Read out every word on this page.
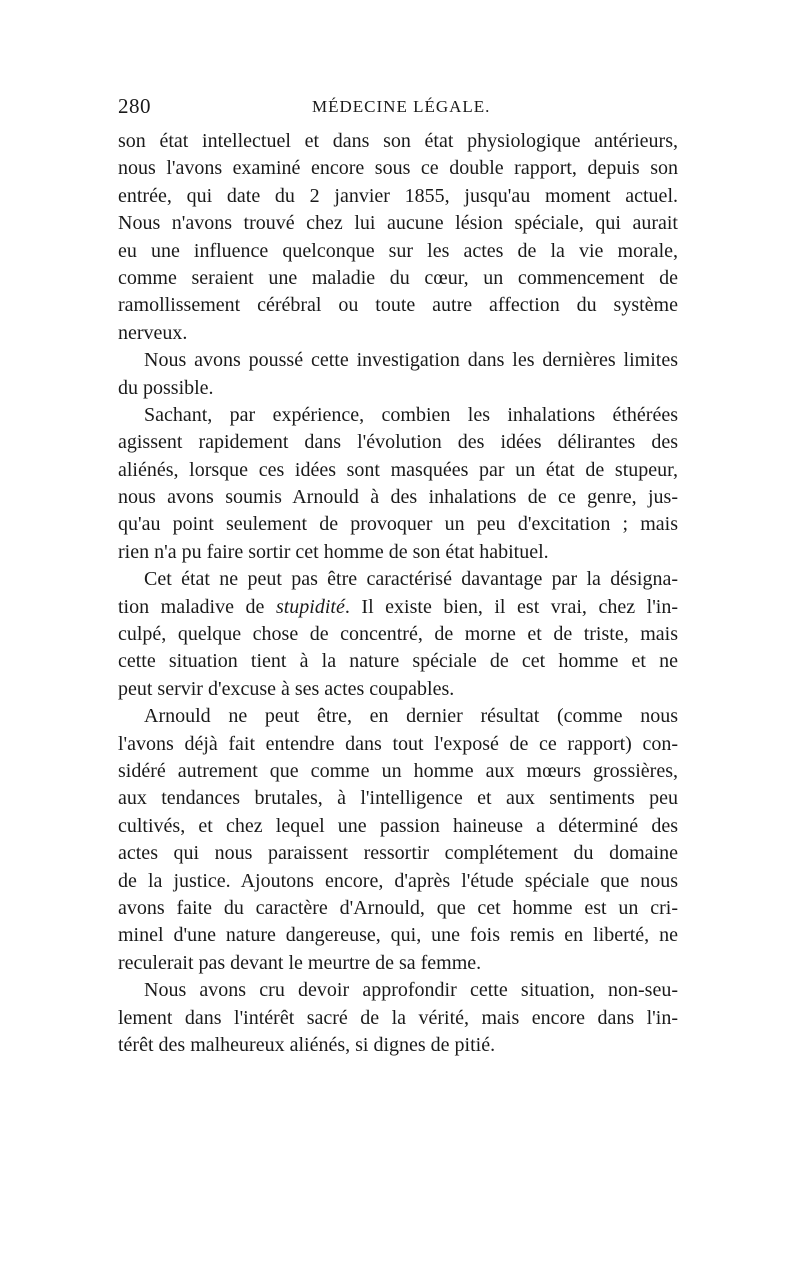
280	MÉDECINE LÉGALE.
son état intellectuel et dans son état physiologique antérieurs,
nous l'avons examiné encore sous ce double rapport, depuis son
entrée, qui date du 2 janvier 1855, jusqu'au moment actuel.
Nous n'avons trouvé chez lui aucune lésion spéciale, qui aurait
eu une influence quelconque sur les actes de la vie morale,
comme seraient une maladie du cœur, un commencement de
ramollissement cérébral ou toute autre affection du système
nerveux.
Nous avons poussé cette investigation dans les dernières limites
du possible.
Sachant, par expérience, combien les inhalations éthérées
agissent rapidement dans l'évolution des idées délirantes des
aliénés, lorsque ces idées sont masquées par un état de stupeur,
nous avons soumis Arnould à des inhalations de ce genre, jus-
qu'au point seulement de provoquer un peu d'excitation ; mais
rien n'a pu faire sortir cet homme de son état habituel.
Cet état ne peut pas être caractérisé davantage par la désigna-
tion maladive de stupidité. Il existe bien, il est vrai, chez l'in-
culpé, quelque chose de concentré, de morne et de triste, mais
cette situation tient à la nature spéciale de cet homme et ne
peut servir d'excuse à ses actes coupables.
Arnould ne peut être, en dernier résultat (comme nous
l'avons déjà fait entendre dans tout l'exposé de ce rapport) con-
sidéré autrement que comme un homme aux mœurs grossières,
aux tendances brutales, à l'intelligence et aux sentiments peu
cultivés, et chez lequel une passion haineuse a déterminé des
actes qui nous paraissent ressortir complétement du domaine
de la justice. Ajoutons encore, d'après l'étude spéciale que nous
avons faite du caractère d'Arnould, que cet homme est un cri-
minel d'une nature dangereuse, qui, une fois remis en liberté, ne
reculerait pas devant le meurtre de sa femme.
Nous avons cru devoir approfondir cette situation, non-seu-
lement dans l'intérêt sacré de la vérité, mais encore dans l'in-
térêt des malheureux aliénés, si dignes de pitié.
